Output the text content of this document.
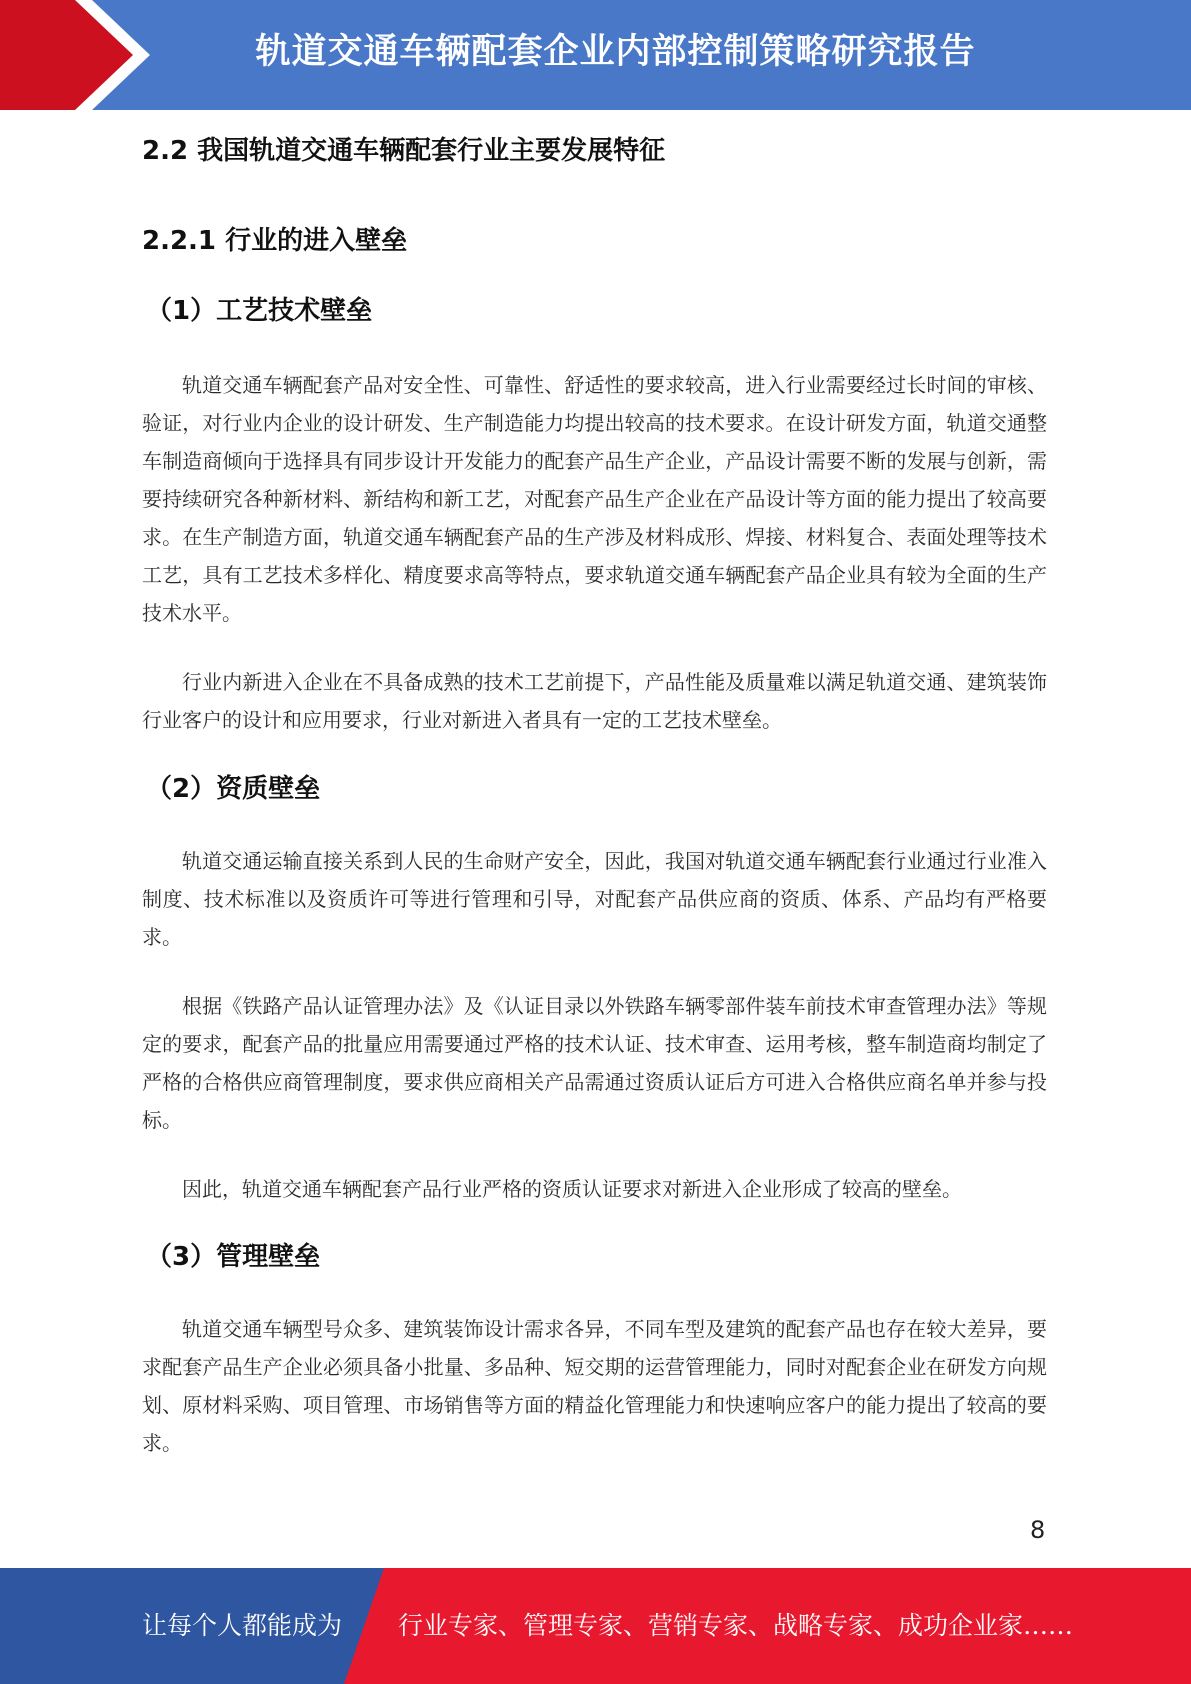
轨道交通车辆配套企业内部控制策略研究报告
2.2 我国轨道交通车辆配套行业主要发展特征
2.2.1 行业的进入壁垒
（1）工艺技术壁垒

轨道交通车辆配套产品对安全性、可靠性、舒适性的要求较高，进入行业需要经过长时间的审核、验证，对行业内企业的设计研发、生产制造能力均提出较高的技术要求。在设计研发方面，轨道交通整车制造商倾向于选择具有同步设计开发能力的配套产品生产企业，产品设计需要不断的发展与创新，需要持续研究各种新材料、新结构和新工艺，对配套产品生产企业在产品设计等方面的能力提出了较高要求。在生产制造方面，轨道交通车辆配套产品的生产涉及材料成形、焊接、材料复合、表面处理等技术工艺，具有工艺技术多样化、精度要求高等特点，要求轨道交通车辆配套产品企业具有较为全面的生产技术水平。

行业内新进入企业在不具备成熟的技术工艺前提下，产品性能及质量难以满足轨道交通、建筑装饰行业客户的设计和应用要求，行业对新进入者具有一定的工艺技术壁垒。

（2）资质壁垒

轨道交通运输直接关系到人民的生命财产安全，因此，我国对轨道交通车辆配套行业通过行业准入制度、技术标准以及资质许可等进行管理和引导，对配套产品供应商的资质、体系、产品均有严格要求。

根据《铁路产品认证管理办法》及《认证目录以外铁路车辆零部件装车前技术审查管理办法》等规定的要求，配套产品的批量应用需要通过严格的技术认证、技术审查、运用考核，整车制造商均制定了严格的合格供应商管理制度，要求供应商相关产品需通过资质认证后方可进入合格供应商名单并参与投标。

因此，轨道交通车辆配套产品行业严格的资质认证要求对新进入企业形成了较高的壁垒。

（3）管理壁垒

轨道交通车辆型号众多、建筑装饰设计需求各异，不同车型及建筑的配套产品也存在较大差异，要求配套产品生产企业必须具备小批量、多品种、短交期的运营管理能力，同时对配套企业在研发方向规划、原材料采购、项目管理、市场销售等方面的精益化管理能力和快速响应客户的能力提出了较高的要求。

8
让每个人都能成为 行业专家、管理专家、营销专家、战略专家、成功企业家……
